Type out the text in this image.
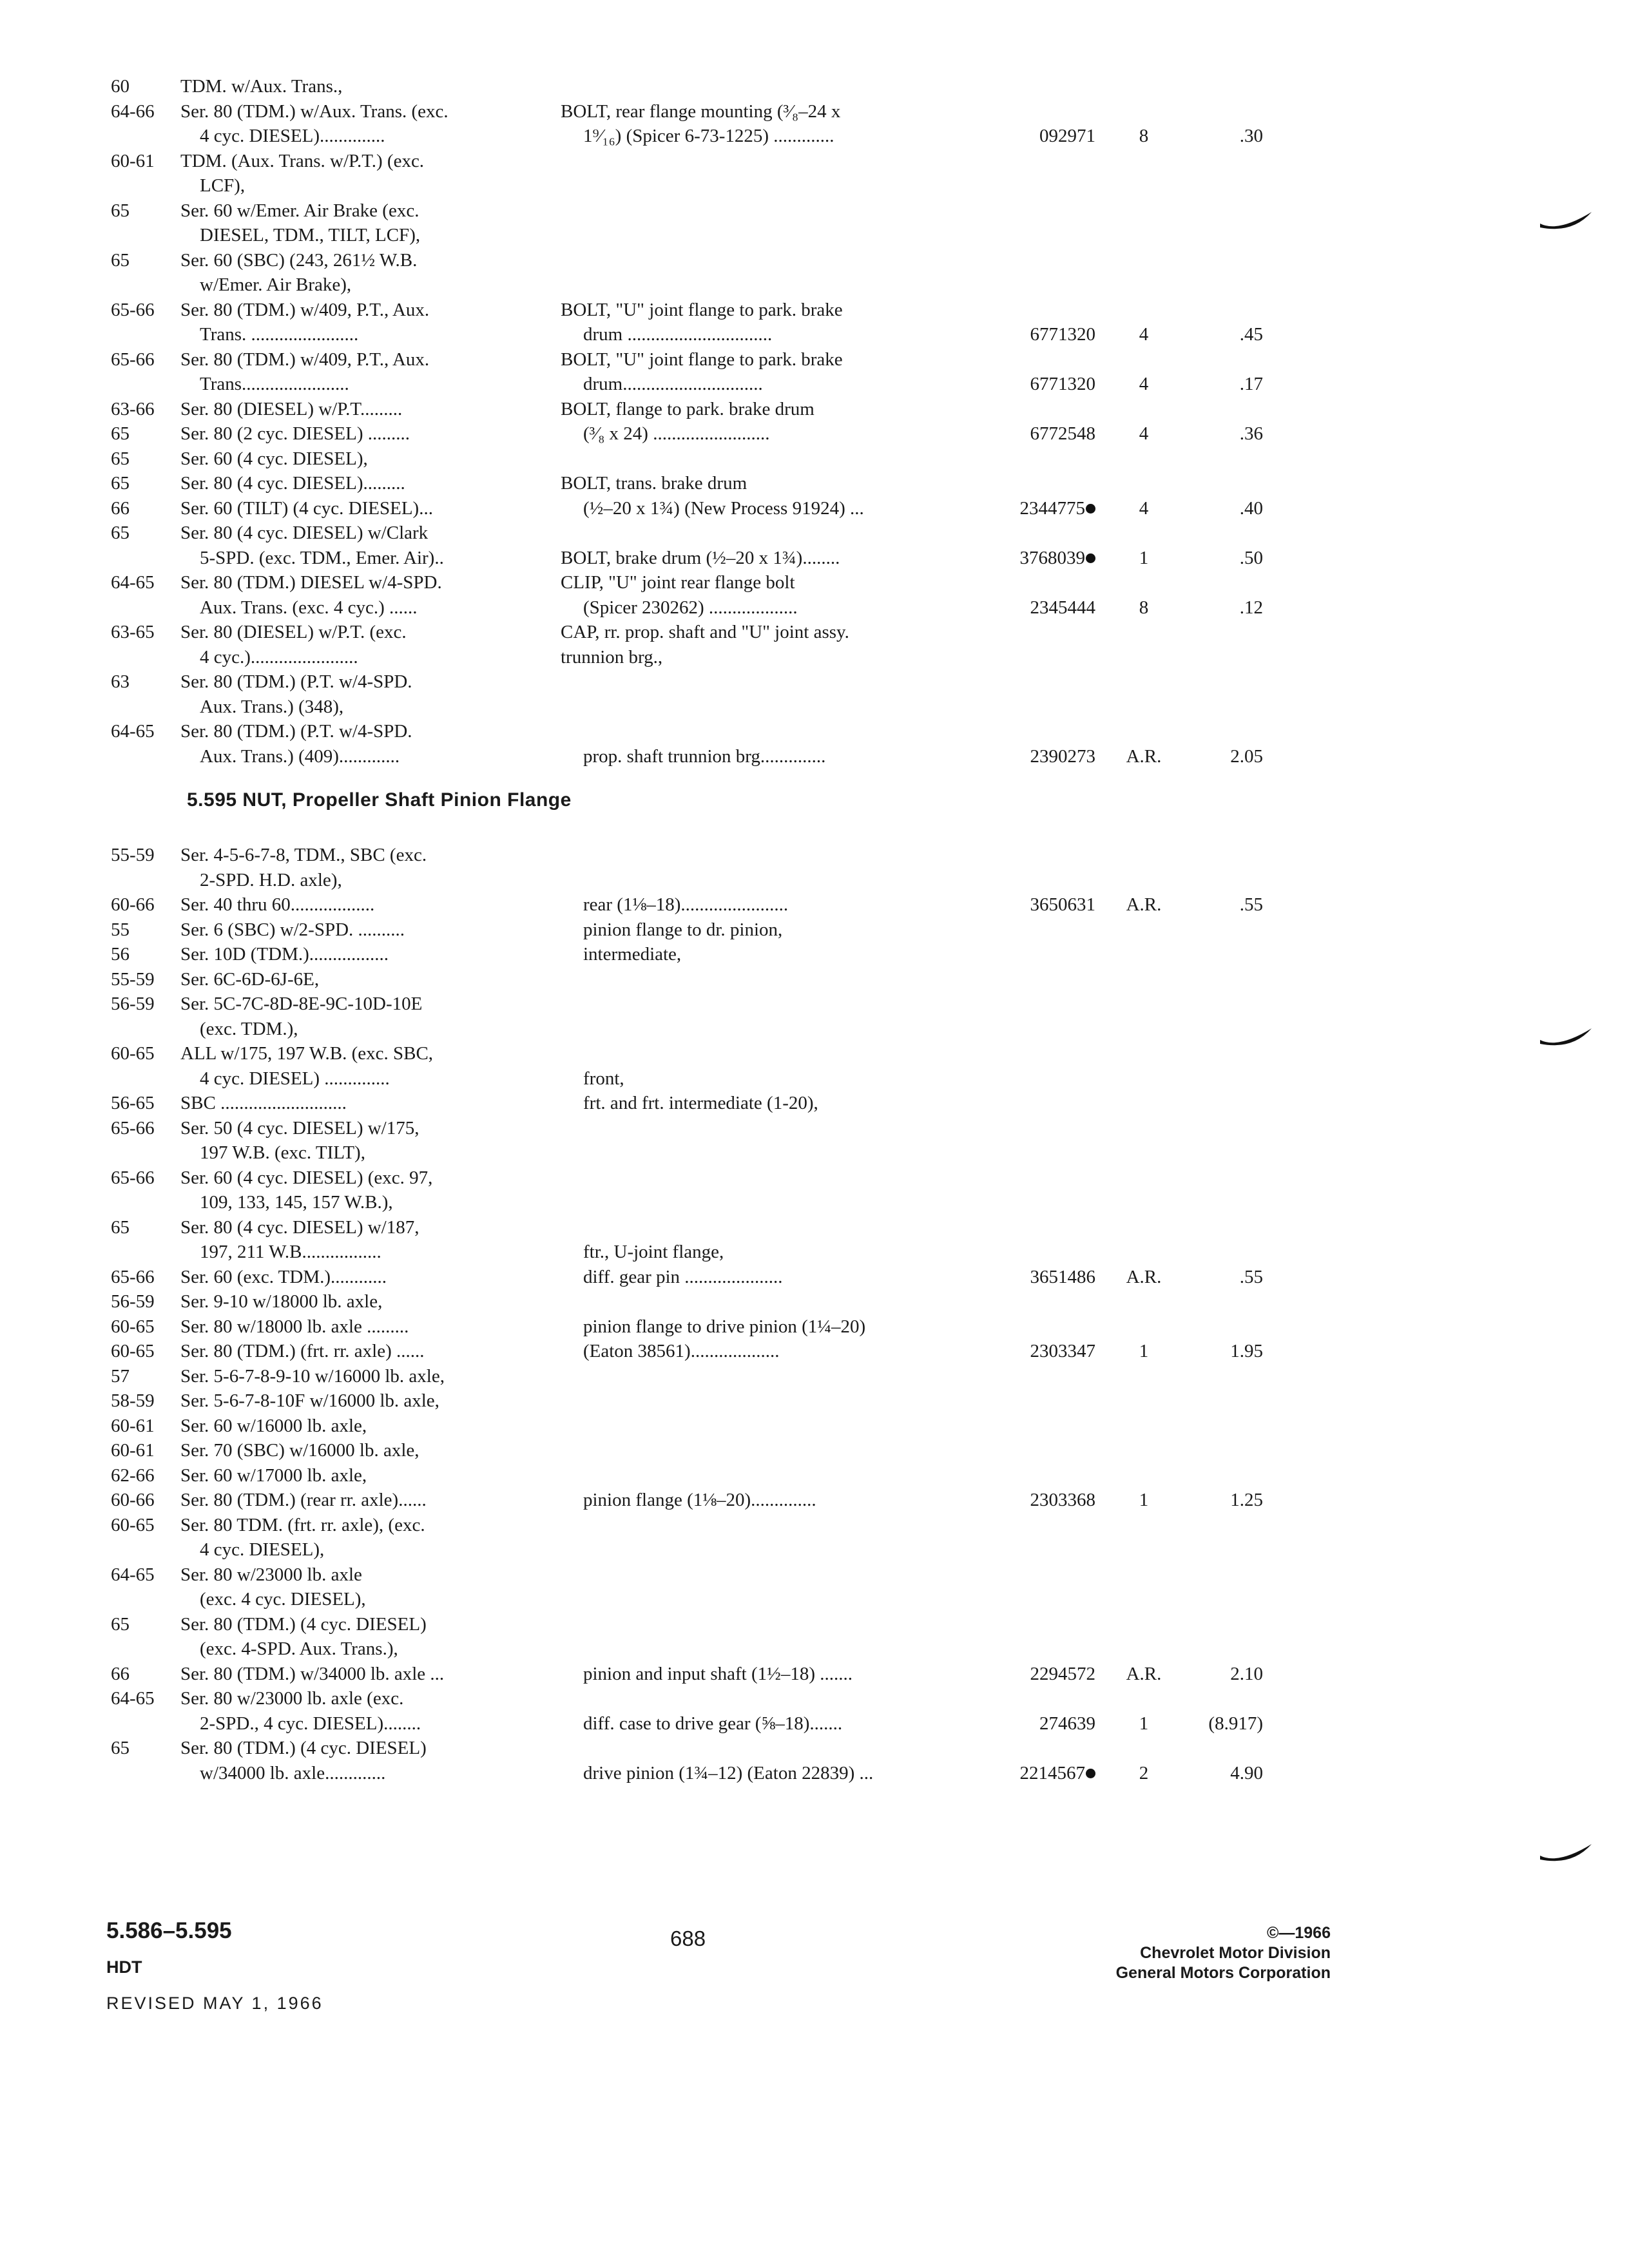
60	TDM. w/Aux. Trans.,
64-66 Ser. 80 (TDM.) w/Aux. Trans. (exc.	BOLT, rear flange mounting (³⁄₈–24 x
4 cyc. DIESEL)..............	1⁹⁄₁₆) (Spicer 6-73-1225) .............	092971	8	.30
60-61 TDM. (Aux. Trans. w/P.T.) (exc.
LCF),
65	Ser. 60 w/Emer. Air Brake (exc.
DIESEL, TDM., TILT, LCF),
65	Ser. 60 (SBC) (243, 261½ W.B.
w/Emer. Air Brake),
65-66 Ser. 80 (TDM.) w/409, P.T., Aux.	BOLT, "U" joint flange to park. brake
Trans. .......................	drum ...............................	6771320	4	.45
65-66 Ser. 80 (TDM.) w/409, P.T., Aux.	BOLT, "U" joint flange to park. brake
Trans.......................	drum..............................	6771320	4	.17
63-66 Ser. 80 (DIESEL) w/P.T.........	BOLT, flange to park. brake drum
65	Ser. 80 (2 cyc. DIESEL) .........	(³⁄₈ x 24) .........................	6772548	4	.36
65	Ser. 60 (4 cyc. DIESEL),
65	Ser. 80 (4 cyc. DIESEL).........	BOLT, trans. brake drum
66	Ser. 60 (TILT) (4 cyc. DIESEL)...	(½–20 x 1¾) (New Process 91924) ...	2344775	4	.40
65	Ser. 80 (4 cyc. DIESEL) w/Clark
5-SPD. (exc. TDM., Emer. Air)..	BOLT, brake drum (½–20 x 1¾)........	3768039	1	.50
64-65 Ser. 80 (TDM.) DIESEL w/4-SPD.	CLIP, "U" joint rear flange bolt
Aux. Trans. (exc. 4 cyc.) ......	(Spicer 230262) ...................	2345444	8	.12
63-65 Ser. 80 (DIESEL) w/P.T. (exc.	CAP, rr. prop. shaft and "U" joint assy.
4 cyc.).......................	trunnion brg.,
63	Ser. 80 (TDM.) (P.T. w/4-SPD.
Aux. Trans.) (348),
64-65 Ser. 80 (TDM.) (P.T. w/4-SPD.
Aux. Trans.) (409).............	prop. shaft trunnion brg..............	2390273	A.R.	2.05
5.595 NUT, Propeller Shaft Pinion Flange
55-59 Ser. 4-5-6-7-8, TDM., SBC (exc.
2-SPD. H.D. axle),
60-66 Ser. 40 thru 60..................	rear (1⅛–18).......................	3650631	A.R.	.55
55	Ser. 6 (SBC) w/2-SPD. ..........	pinion flange to dr. pinion,
56	Ser. 10D (TDM.).................	intermediate,
55-59 Ser. 6C-6D-6J-6E,
56-59 Ser. 5C-7C-8D-8E-9C-10D-10E
(exc. TDM.),
60-65 ALL w/175, 197 W.B. (exc. SBC,
4 cyc. DIESEL) ..............	front,
56-65 SBC ...........................	frt. and frt. intermediate (1-20),
65-66 Ser. 50 (4 cyc. DIESEL) w/175,
197 W.B. (exc. TILT),
65-66 Ser. 60 (4 cyc. DIESEL) (exc. 97,
109, 133, 145, 157 W.B.),
65	Ser. 80 (4 cyc. DIESEL) w/187,
197, 211 W.B.................	ftr., U-joint flange,
65-66 Ser. 60 (exc. TDM.)............	diff. gear pin .....................	3651486	A.R.	.55
56-59 Ser. 9-10 w/18000 lb. axle,
60-65 Ser. 80 w/18000 lb. axle .........	pinion flange to drive pinion (1¼–20)
60-65 Ser. 80 (TDM.) (frt. rr. axle) ......	(Eaton 38561)...................	2303347	1	1.95
57	Ser. 5-6-7-8-9-10 w/16000 lb. axle,
58-59 Ser. 5-6-7-8-10F w/16000 lb. axle,
60-61 Ser. 60 w/16000 lb. axle,
60-61 Ser. 70 (SBC) w/16000 lb. axle,
62-66 Ser. 60 w/17000 lb. axle,
60-66 Ser. 80 (TDM.) (rear rr. axle)......	pinion flange (1⅛–20)..............	2303368	1	1.25
60-65 Ser. 80 TDM. (frt. rr. axle), (exc.
4 cyc. DIESEL),
64-65 Ser. 80 w/23000 lb. axle
(exc. 4 cyc. DIESEL),
65	Ser. 80 (TDM.) (4 cyc. DIESEL)
(exc. 4-SPD. Aux. Trans.),
66	Ser. 80 (TDM.) w/34000 lb. axle ...	pinion and input shaft (1½–18) .......	2294572	A.R.	2.10
64-65 Ser. 80 w/23000 lb. axle (exc.
2-SPD., 4 cyc. DIESEL)........	diff. case to drive gear (⅝–18).......	274639	1	(8.917)
65	Ser. 80 (TDM.) (4 cyc. DIESEL)
w/34000 lb. axle.............	drive pinion (1¾–12) (Eaton 22839) ...	2214567	2	4.90
5.586–5.595
HDT
REVISED MAY 1, 1966
688	©—1966
Chevrolet Motor Division
General Motors Corporation
